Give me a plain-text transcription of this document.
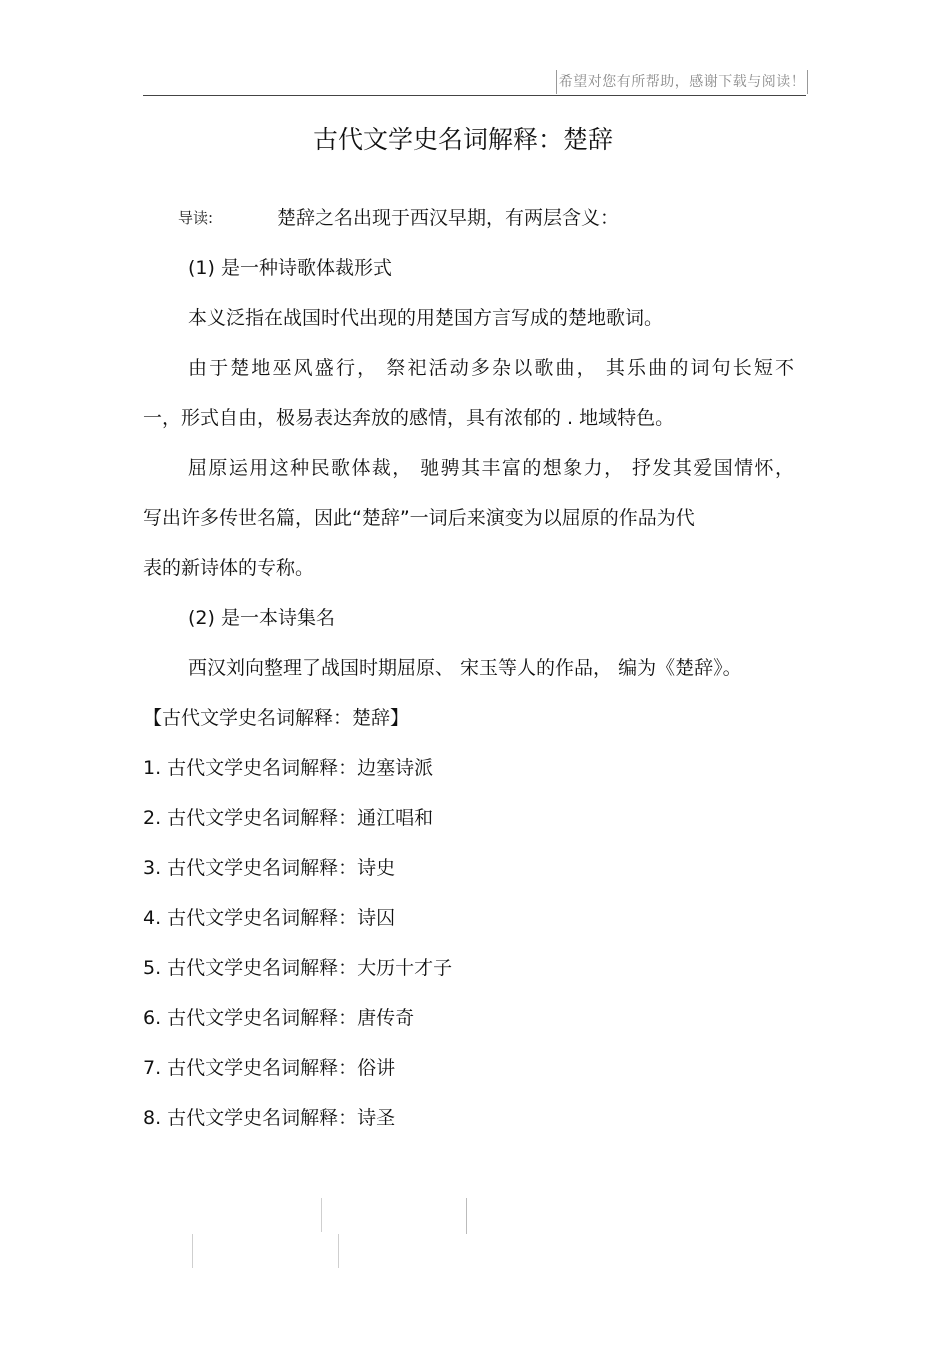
希望对您有所帮助，感谢下载与阅读！
古代文学史名词解释：楚辞
导读:	楚辞之名出现于西汉早期，有两层含义：
(1) 是一种诗歌体裁形式
本义泛指在战国时代出现的用楚国方言写成的楚地歌词。
由于楚地巫风盛行， 祭祀活动多杂以歌曲， 其乐曲的词句长短不
一，形式自由，极易表达奔放的感情，具有浓郁的 . 地域特色。
屈原运用这种民歌体裁， 驰骋其丰富的想象力， 抒发其爱国情怀，
写出许多传世名篇，因此“楚辞”一词后来演变为以屈原的作品为代
表的新诗体的专称。
(2) 是一本诗集名
西汉刘向整理了战国时期屈原、 宋玉等人的作品， 编为《楚辞》。
【古代文学史名词解释：楚辞】
1. 古代文学史名词解释：边塞诗派
2. 古代文学史名词解释：通江唱和
3. 古代文学史名词解释：诗史
4. 古代文学史名词解释：诗囚
5. 古代文学史名词解释：大历十才子
6. 古代文学史名词解释：唐传奇
7. 古代文学史名词解释：俗讲
8. 古代文学史名词解释：诗圣
